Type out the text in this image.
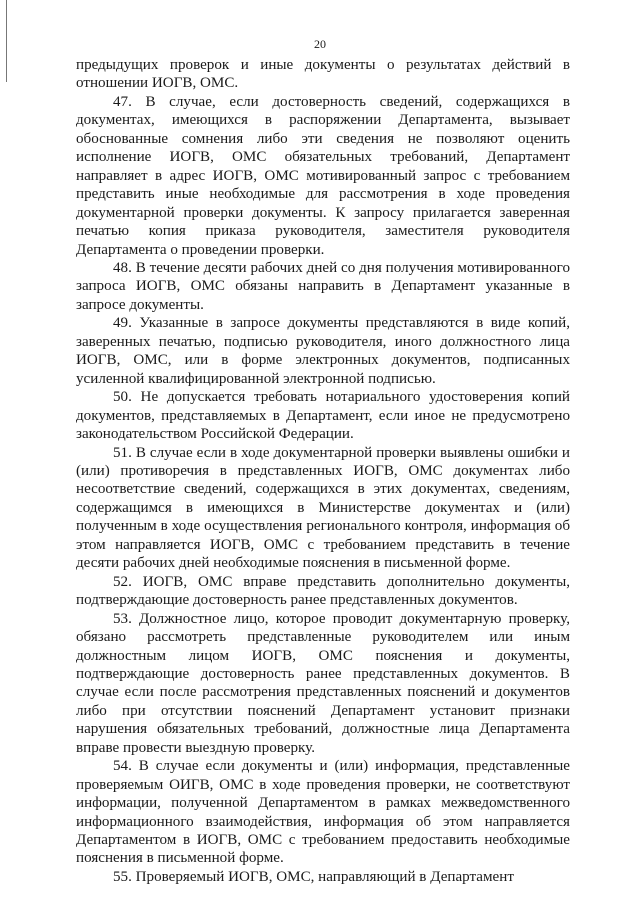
20

предыдущих проверок и иные документы о результатах действий в отношении ИОГВ, ОМС.

47. В случае, если достоверность сведений, содержащихся в документах, имеющихся в распоряжении Департамента, вызывает обоснованные сомнения либо эти сведения не позволяют оценить исполнение ИОГВ, ОМС обязательных требований, Департамент направляет в адрес ИОГВ, ОМС мотивированный запрос с требованием представить иные необходимые для рассмотрения в ходе проведения документарной проверки документы. К запросу прилагается заверенная печатью копия приказа руководителя, заместителя руководителя Департамента о проведении проверки.

48. В течение десяти рабочих дней со дня получения мотивированного запроса ИОГВ, ОМС обязаны направить в Департамент указанные в запросе документы.

49. Указанные в запросе документы представляются в виде копий, заверенных печатью, подписью руководителя, иного должностного лица ИОГВ, ОМС, или в форме электронных документов, подписанных усиленной квалифицированной электронной подписью.

50. Не допускается требовать нотариального удостоверения копий документов, представляемых в Департамент, если иное не предусмотрено законодательством Российской Федерации.

51. В случае если в ходе документарной проверки выявлены ошибки и (или) противоречия в представленных ИОГВ, ОМС документах либо несоответствие сведений, содержащихся в этих документах, сведениям, содержащимся в имеющихся в Министерстве документах и (или) полученным в ходе осуществления регионального контроля, информация об этом направляется ИОГВ, ОМС с требованием представить в течение десяти рабочих дней необходимые пояснения в письменной форме.

52. ИОГВ, ОМС вправе представить дополнительно документы, подтверждающие достоверность ранее представленных документов.

53. Должностное лицо, которое проводит документарную проверку, обязано рассмотреть представленные руководителем или иным должностным лицом ИОГВ, ОМС пояснения и документы, подтверждающие достоверность ранее представленных документов. В случае если после рассмотрения представленных пояснений и документов либо при отсутствии пояснений Департамент установит признаки нарушения обязательных требований, должностные лица Департамента вправе провести выездную проверку.

54. В случае если документы и (или) информация, представленные проверяемым ОИГВ, ОМС в ходе проведения проверки, не соответствуют информации, полученной Департаментом в рамках межведомственного информационного взаимодействия, информация об этом направляется Департаментом в ИОГВ, ОМС с требованием предоставить необходимые пояснения в письменной форме.

55. Проверяемый ИОГВ, ОМС, направляющий в Департамент
